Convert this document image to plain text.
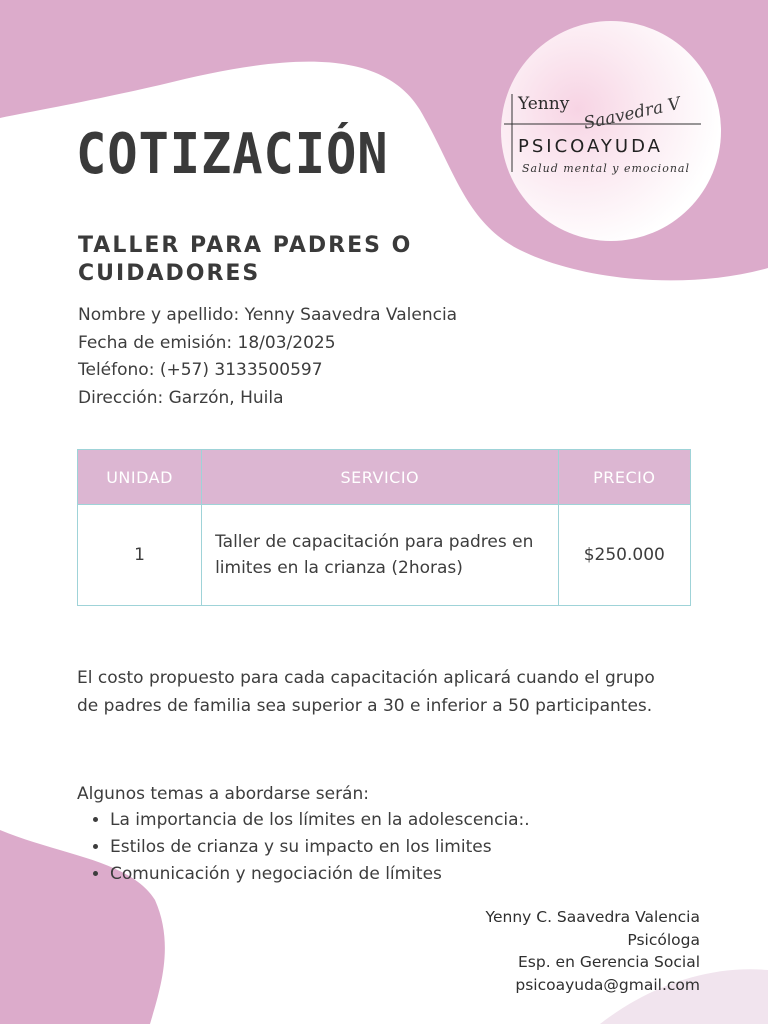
Yenny Saavedra V
PSICOAYUDA
Salud mental y emocional
COTIZACIÓN
TALLER PARA PADRES O CUIDADORES
Nombre y apellido: Yenny Saavedra Valencia
Fecha de emisión: 18/03/2025
Teléfono: (+57) 3133500597
Dirección: Garzón, Huila
UNIDAD	SERVICIO	PRECIO
1	Taller de capacitación para padres en limites en la crianza (2horas)	$250.000
El costo propuesto para cada capacitación aplicará cuando el grupo de padres de familia sea superior a 30 e inferior a 50 participantes.
Algunos temas a abordarse serán:
• La importancia de los límites en la adolescencia:.
• Estilos de crianza y su impacto en los limites
• Comunicación y negociación de límites
Yenny C. Saavedra Valencia
Psicóloga
Esp. en Gerencia Social
psicoayuda@gmail.com
